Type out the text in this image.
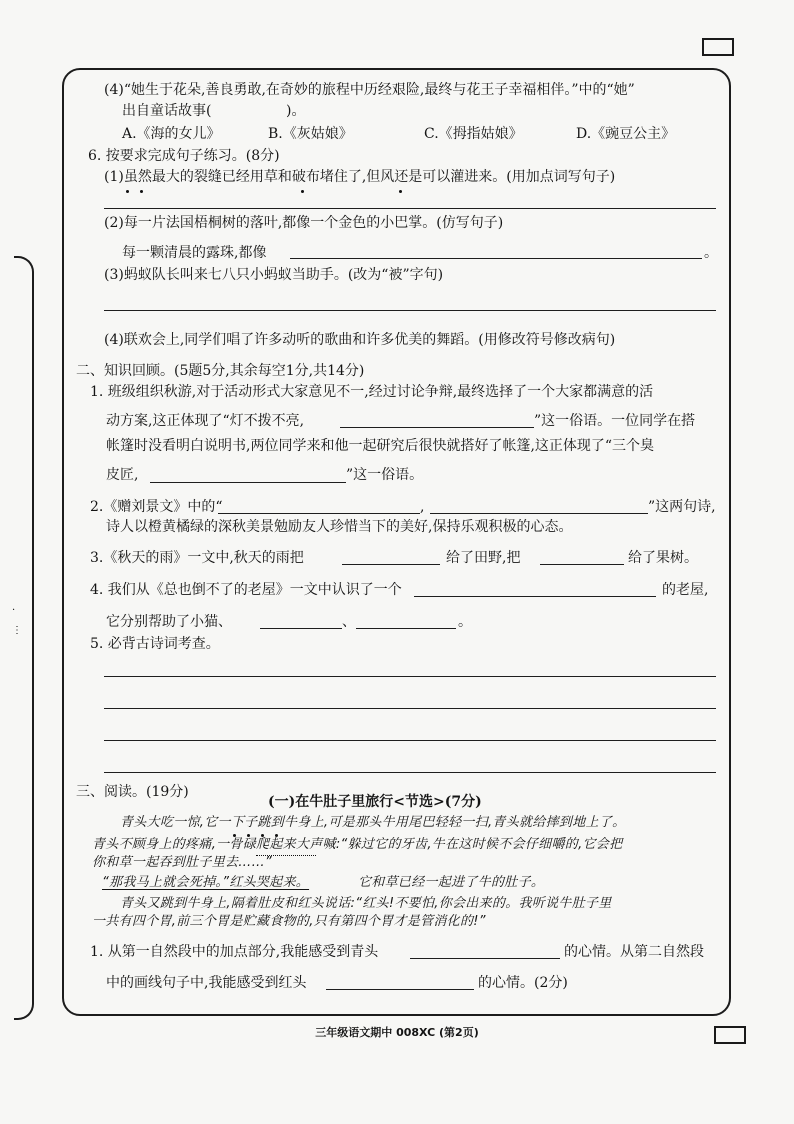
·

⋮
(4)“她生于花朵,善良勇敢,在奇妙的旅程中历经艰险,最终与花王子幸福相伴。”中的“她”
出自童话故事(	)。
A.《海的女儿》	B.《灰姑娘》	C.《拇指姑娘》	D.《豌豆公主》
6. 按要求完成句子练习。(8分)
(1)虽然最大的裂缝已经用草和破布堵住了,但风还是可以灌进来。(用加点词写句子)
(2)每一片法国梧桐树的落叶,都像一个金色的小巴掌。(仿写句子)
每一颗清晨的露珠,都像	。
(3)蚂蚁队长叫来七八只小蚂蚁当助手。(改为“被”字句)
(4)联欢会上,同学们唱了许多动听的歌曲和许多优美的舞蹈。(用修改符号修改病句)
二、知识回顾。(5题5分,其余每空1分,共14分)
1. 班级组织秋游,对于活动形式大家意见不一,经过讨论争辩,最终选择了一个大家都满意的活
动方案,这正体现了“灯不拨不亮,	”这一俗语。一位同学在搭
帐篷时没看明白说明书,两位同学来和他一起研究后很快就搭好了帐篷,这正体现了“三个臭
皮匠,	”这一俗语。
2.《赠刘景文》中的“	,	”这两句诗,
诗人以橙黄橘绿的深秋美景勉励友人珍惜当下的美好,保持乐观积极的心态。
3.《秋天的雨》一文中,秋天的雨把	给了田野,把	给了果树。
4. 我们从《总也倒不了的老屋》一文中认识了一个	的老屋,
它分别帮助了小猫、	、	。
5. 必背古诗词考查。
三、阅读。(19分)
(一)在牛肚子里旅行<节选>(7分)
青头大吃一惊,它一下子跳到牛身上,可是那头牛用尾巴轻轻一扫,青头就给摔到地上了。
青头不顾身上的疼痛,一骨碌爬起来大声喊:“躲过它的牙齿,牛在这时候不会仔细嚼的,它会把
你和草一起吞到肚子里去……”
“那我马上就会死掉。”红头哭起来。	它和草已经一起进了牛的肚子。
青头又跳到牛身上,隔着肚皮和红头说话:“红头!不要怕,你会出来的。我听说牛肚子里
一共有四个胃,前三个胃是贮藏食物的,只有第四个胃才是管消化的!”
1. 从第一自然段中的加点部分,我能感受到青头	的心情。从第二自然段
中的画线句子中,我能感受到红头	的心情。(2分)
三年级语文期中 008XC (第2页)
